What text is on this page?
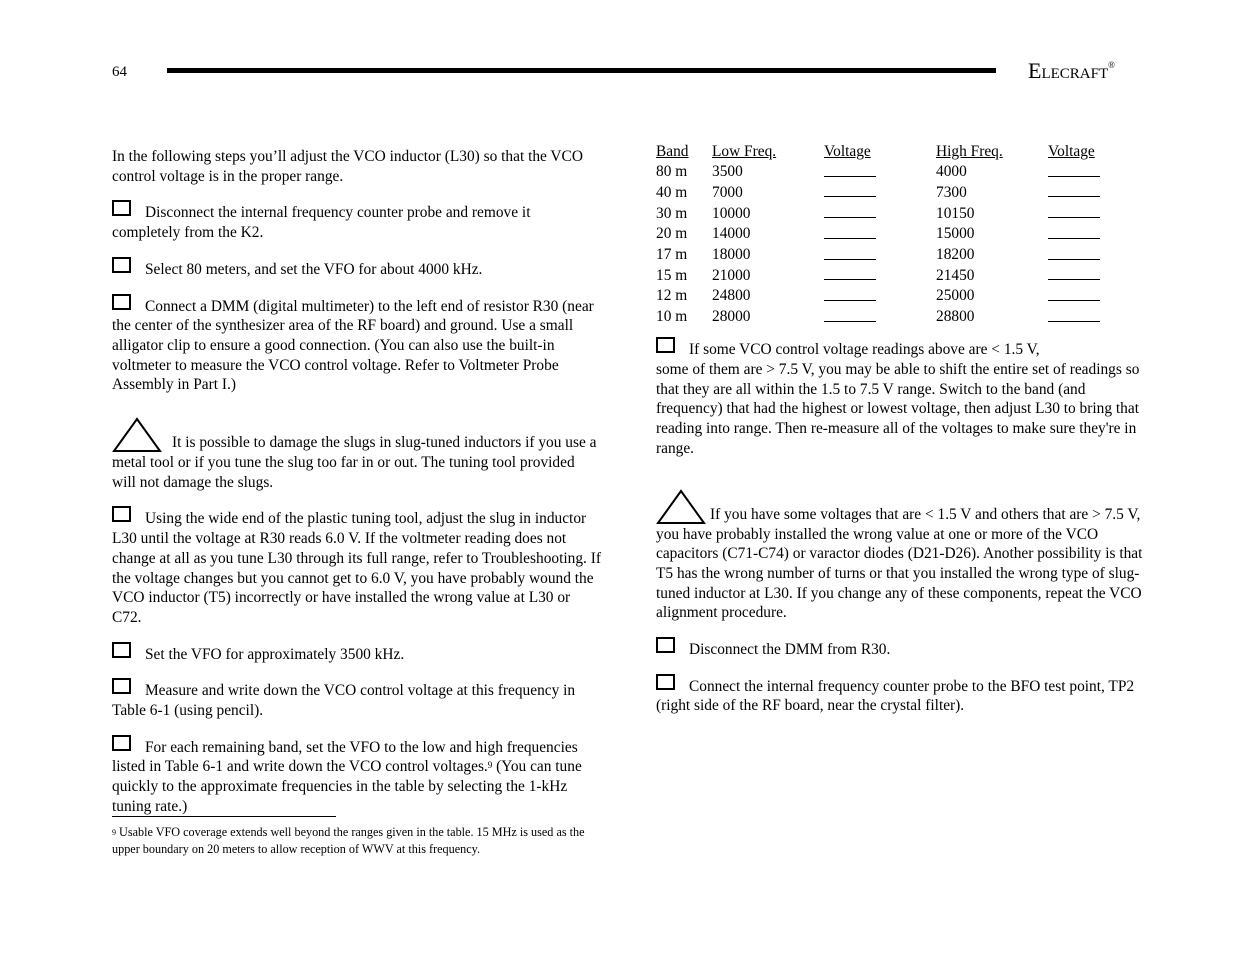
64	ELECRAFT®

In the following steps you’ll adjust the VCO inductor (L30) so that the VCO control voltage is in the proper range.

Disconnect the internal frequency counter probe and remove it completely from the K2.

Select 80 meters, and set the VFO for about 4000 kHz.

Connect a DMM (digital multimeter) to the left end of resistor R30 (near the center of the synthesizer area of the RF board) and ground. Use a small alligator clip to ensure a good connection. (You can also use the built-in voltmeter to measure the VCO control voltage. Refer to Voltmeter Probe Assembly in Part I.)

It is possible to damage the slugs in slug-tuned inductors if you use a metal tool or if you tune the slug too far in or out. The tuning tool provided will not damage the slugs.

Using the wide end of the plastic tuning tool, adjust the slug in inductor L30 until the voltage at R30 reads 6.0 V. If the voltmeter reading does not change at all as you tune L30 through its full range, refer to Troubleshooting. If the voltage changes but you cannot get to 6.0 V, you have probably wound the VCO inductor (T5) incorrectly or have installed the wrong value at L30 or C72.

Set the VFO for approximately 3500 kHz.

Measure and write down the VCO control voltage at this frequency in Table 6-1 (using pencil).

For each remaining band, set the VFO to the low and high frequencies listed in Table 6-1 and write down the VCO control voltages.$^9$ (You can tune quickly to the approximate frequencies in the table by selecting the 1-kHz tuning rate.)

$^9$ Usable VFO coverage extends well beyond the ranges given in the table. 15 MHz is used as the upper boundary on 20 meters to allow reception of WWV at this frequency.
Band	Low Freq.	Voltage	High Freq.	Voltage
80 m	3500		4000	
40 m	7000		7300	
30 m	10000		10150	
20 m	14000		15000	
17 m	18000		18200	
15 m	21000		21450	
12 m	24800		25000	
10 m	28000		28800	

If some VCO control voltage readings above are < 1.5 V,
some of them are > 7.5 V, you may be able to shift the entire set of readings so that they are all within the 1.5 to 7.5 V range. Switch to the band (and frequency) that had the highest or lowest voltage, then adjust L30 to bring that reading into range. Then re-measure all of the voltages to make sure they're in range.

If you have some voltages that are < 1.5 V and others that are > 7.5 V, you have probably installed the wrong value at one or more of the VCO capacitors (C71-C74) or varactor diodes (D21-D26). Another possibility is that T5 has the wrong number of turns or that you installed the wrong type of slug-tuned inductor at L30. If you change any of these components, repeat the VCO alignment procedure.

Disconnect the DMM from R30.

Connect the internal frequency counter probe to the BFO test point, TP2 (right side of the RF board, near the crystal filter).
